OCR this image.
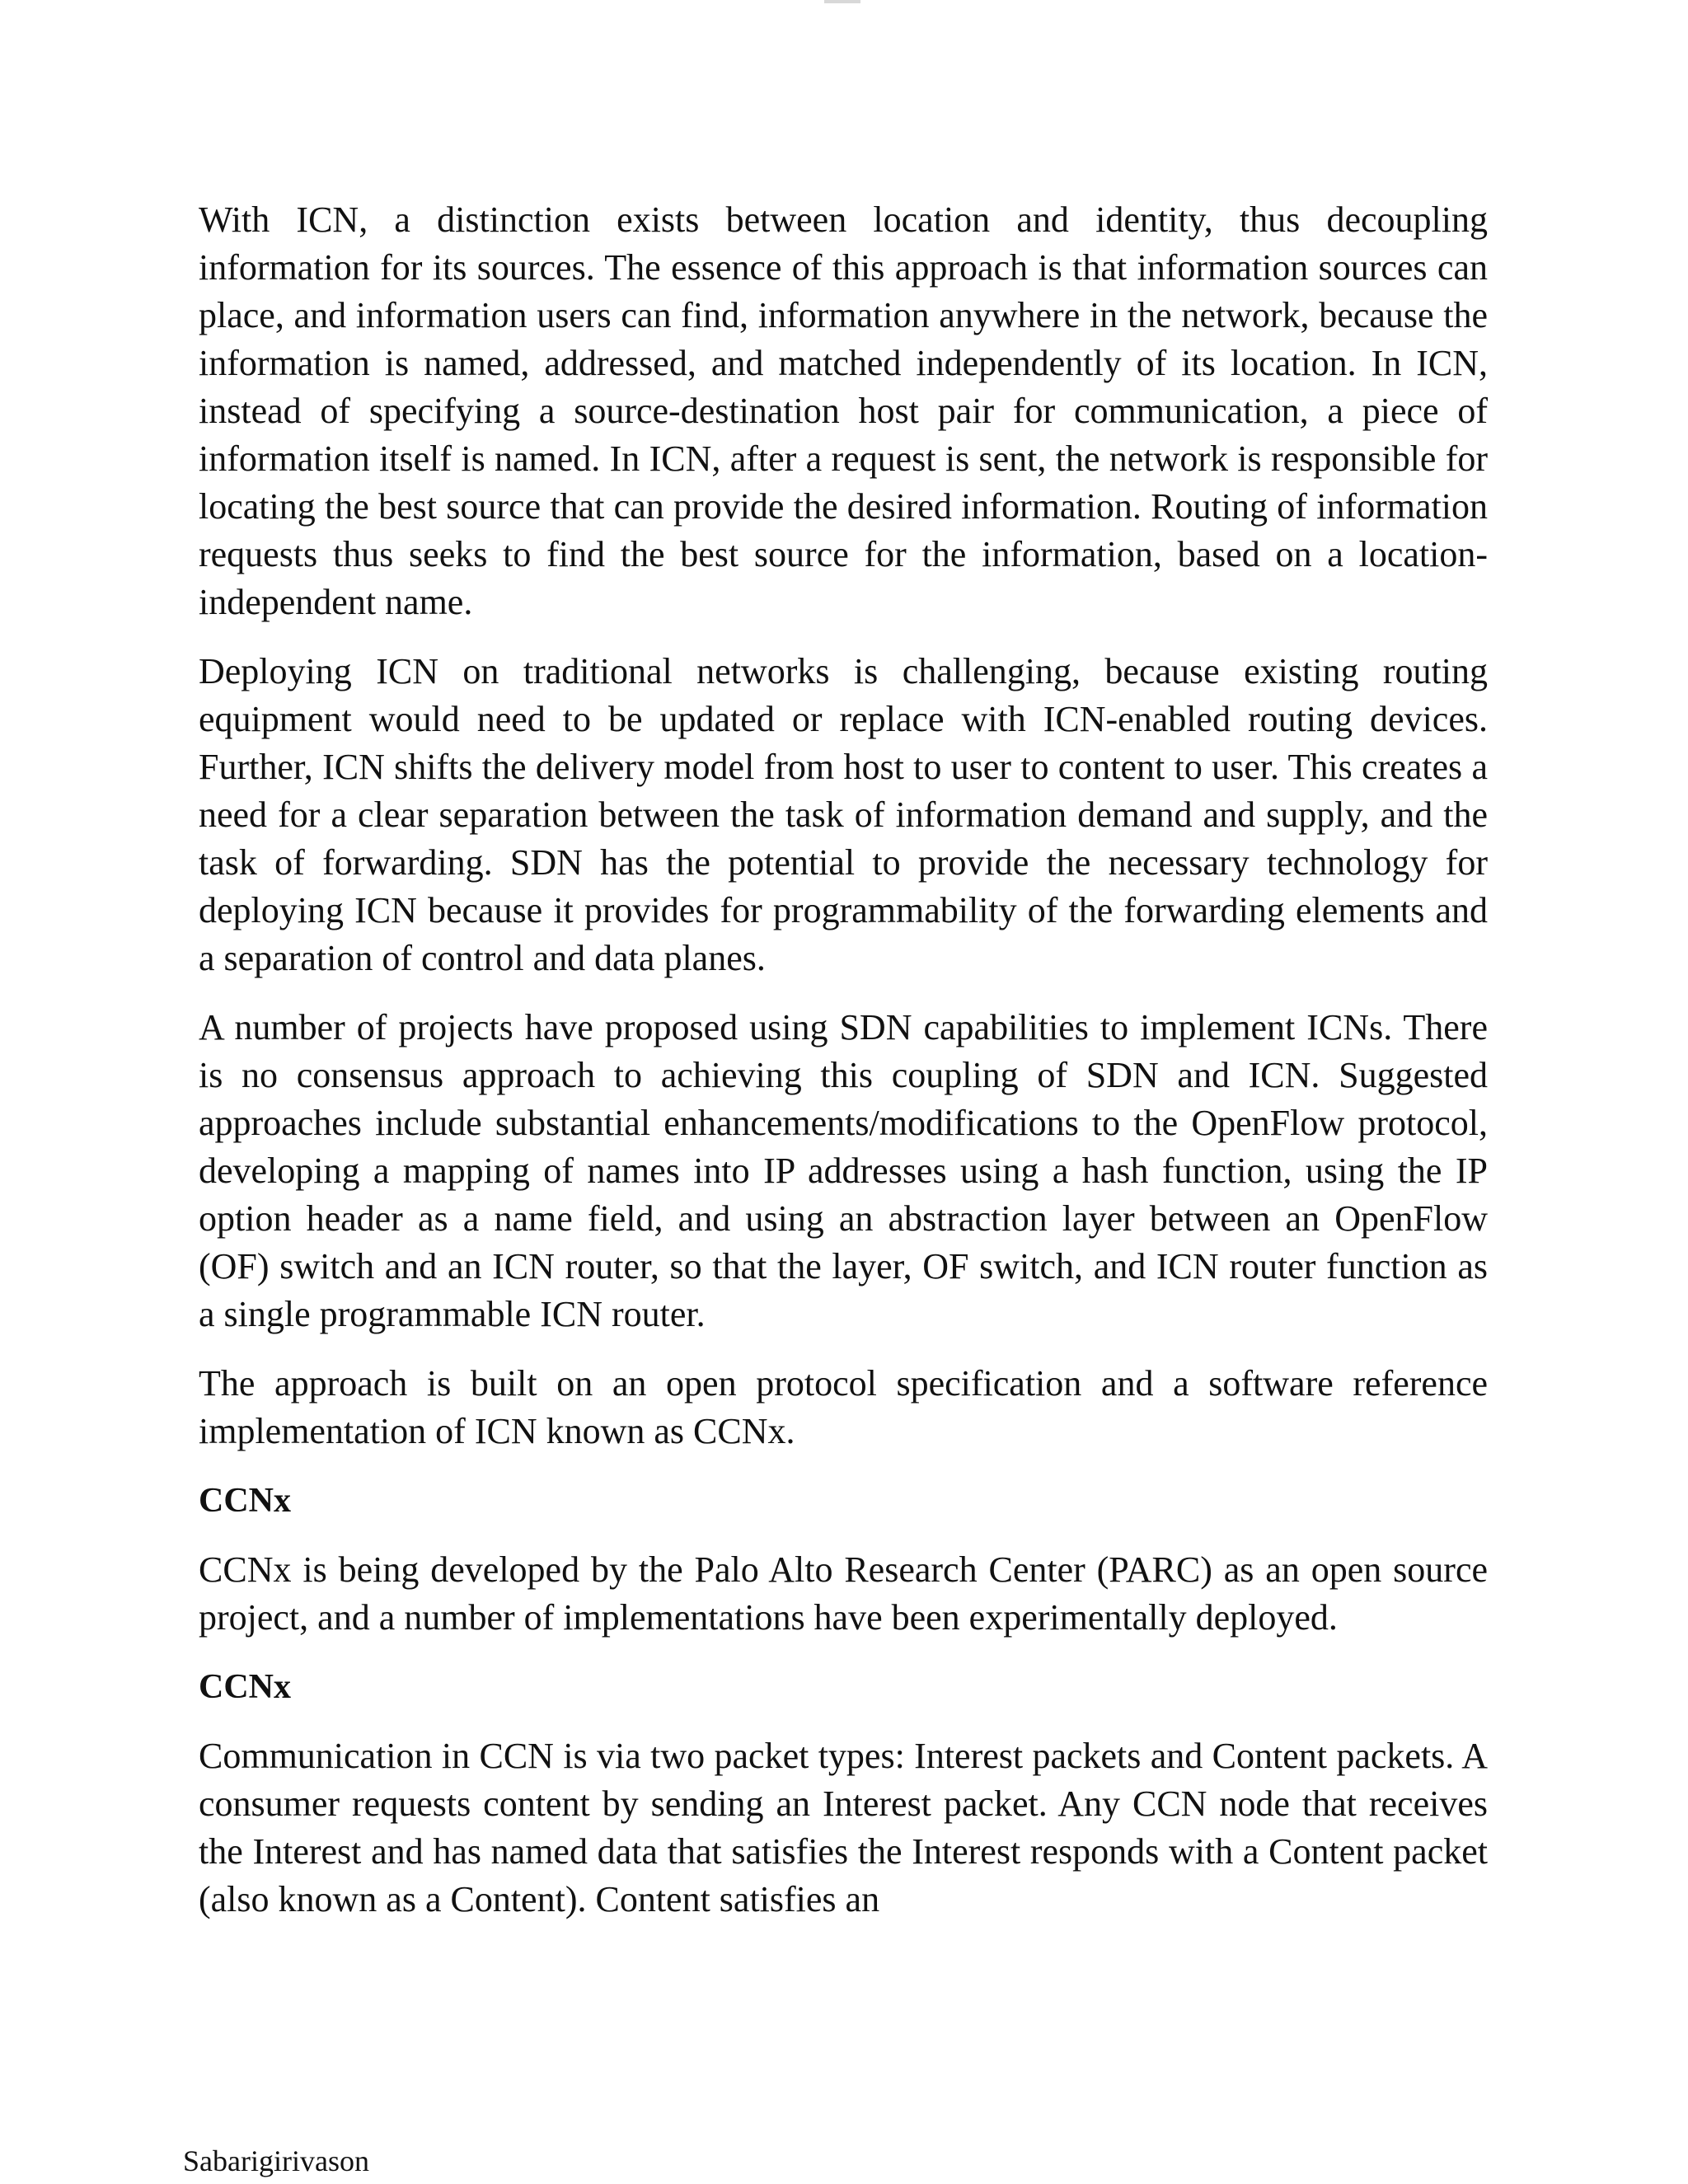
With ICN, a distinction exists between location and identity, thus decoupling information for its sources. The essence of this approach is that information sources can place, and information users can find, information anywhere in the network, because the information is named, addressed, and matched independently of its location. In ICN, instead of specifying a source-destination host pair for communication, a piece of information itself is named. In ICN, after a request is sent, the network is responsible for locating the best source that can provide the desired information. Routing of information requests thus seeks to find the best source for the information, based on a location-independent name.

Deploying ICN on traditional networks is challenging, because existing routing equipment would need to be updated or replace with ICN-enabled routing devices. Further, ICN shifts the delivery model from host to user to content to user. This creates a need for a clear separation between the task of information demand and supply, and the task of forwarding. SDN has the potential to provide the necessary technology for deploying ICN because it provides for programmability of the forwarding elements and a separation of control and data planes.

A number of projects have proposed using SDN capabilities to implement ICNs. There is no consensus approach to achieving this coupling of SDN and ICN. Suggested approaches include substantial enhancements/modifications to the OpenFlow protocol, developing a mapping of names into IP addresses using a hash function, using the IP option header as a name field, and using an abstraction layer between an OpenFlow (OF) switch and an ICN router, so that the layer, OF switch, and ICN router function as a single programmable ICN router.

The approach is built on an open protocol specification and a software reference implementation of ICN known as CCNx.

CCNx

CCNx is being developed by the Palo Alto Research Center (PARC) as an open source project, and a number of implementations have been experimentally deployed.

CCNx

Communication in CCN is via two packet types: Interest packets and Content packets. A consumer requests content by sending an Interest packet. Any CCN node that receives the Interest and has named data that satisfies the Interest responds with a Content packet (also known as a Content). Content satisfies an

Sabarigirivason
